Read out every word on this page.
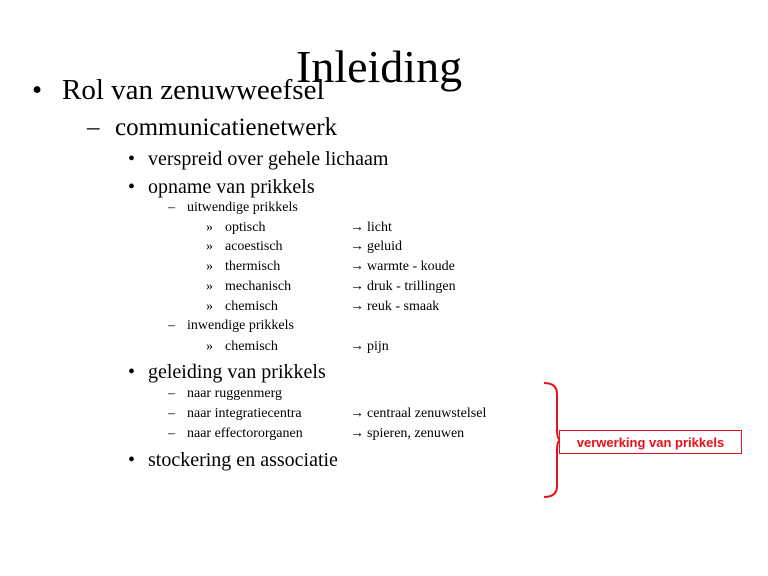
Inleiding
• Rol van zenuwweefsel
– communicatienetwerk
• verspreid over gehele lichaam
• opname van prikkels
– uitwendige prikkels
» optisch	→ licht
» acoestisch	→ geluid
» thermisch	→ warmte - koude
» mechanisch	→ druk - trillingen
» chemisch	→ reuk - smaak
– inwendige prikkels
» chemisch	→ pijn
• geleiding van prikkels
– naar ruggenmerg
– naar integratiecentra	→ centraal zenuwstelsel
– naar effectororganen	→ spieren, zenuwen
• stockering en associatie
verwerking van prikkels
